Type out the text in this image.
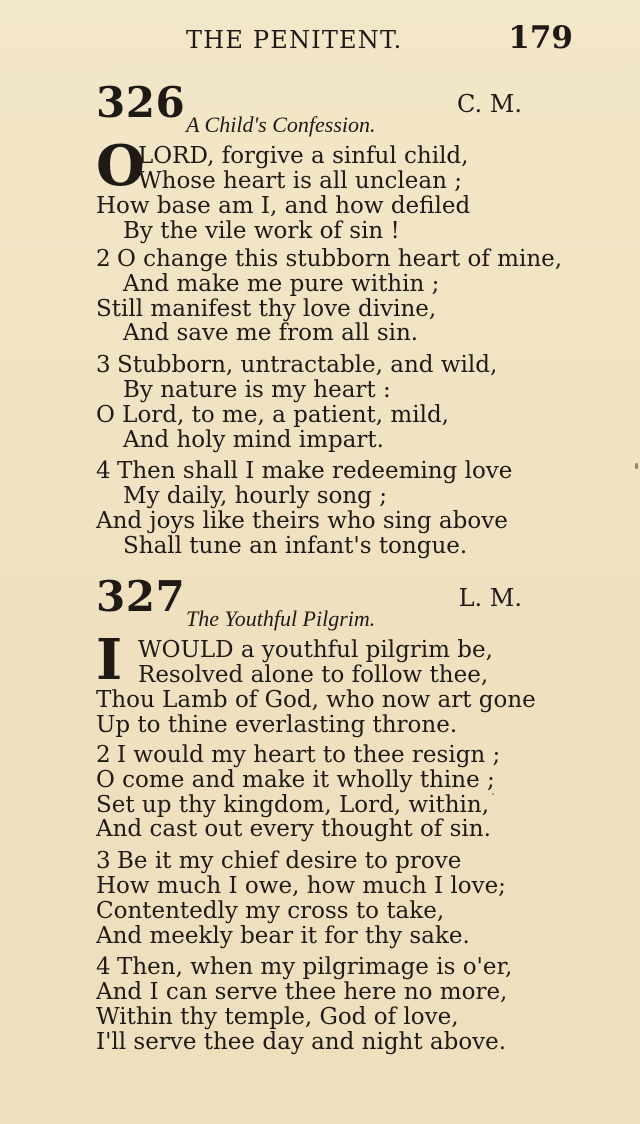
THE PENITENT.	179
326	C. M.
A Child's Confession.
O
LORD, forgive a sinful child,
Whose heart is all unclean ;
How base am I, and how defiled
By the vile work of sin !
2 O change this stubborn heart of mine,
And make me pure within ;
Still manifest thy love divine,
And save me from all sin.
3 Stubborn, untractable, and wild,
By nature is my heart :
O Lord, to me, a patient, mild,
And holy mind impart.
4 Then shall I make redeeming love
My daily, hourly song ;
And joys like theirs who sing above
Shall tune an infant's tongue.
327	L. M.
The Youthful Pilgrim.
I WOULD a youthful pilgrim be,
Resolved alone to follow thee,
Thou Lamb of God, who now art gone
Up to thine everlasting throne.
2 I would my heart to thee resign ;
O come and make it wholly thine ;
Set up thy kingdom, Lord, within,
And cast out every thought of sin.
3 Be it my chief desire to prove
How much I owe, how much I love;
Contentedly my cross to take,
And meekly bear it for thy sake.
4 Then, when my pilgrimage is o'er,
And I can serve thee here no more,
Within thy temple, God of love,
I'll serve thee day and night above.
